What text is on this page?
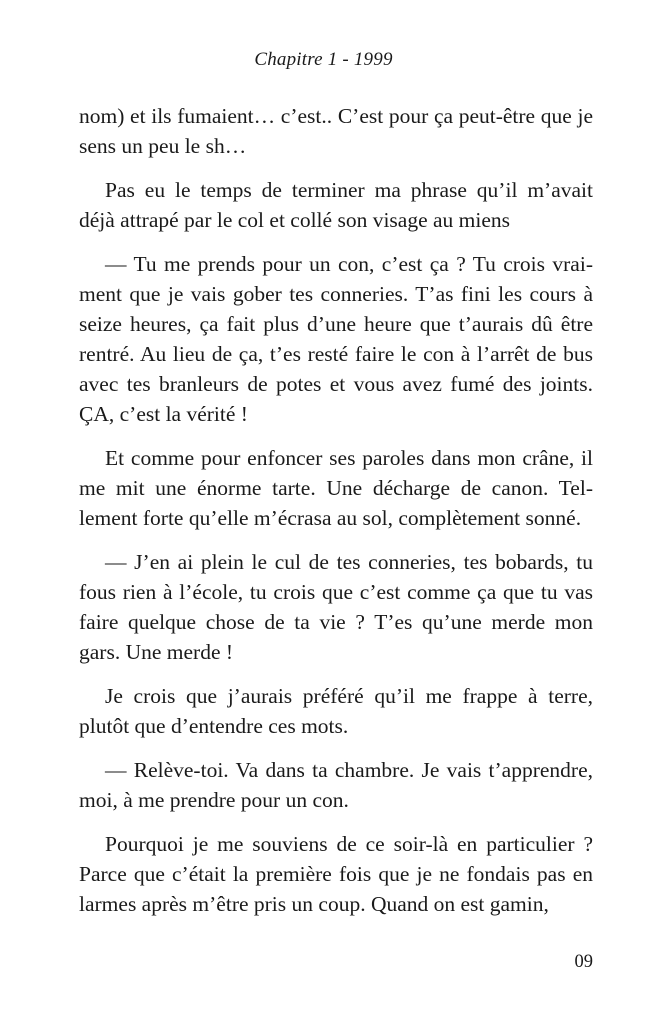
Chapitre 1 - 1999

nom) et ils fumaient… c’est.. C’est pour ça peut-être que je sens un peu le sh…

Pas eu le temps de terminer ma phrase qu’il m’avait déjà attrapé par le col et collé son visage au miens

— Tu me prends pour un con, c’est ça ? Tu crois vraiment que je vais gober tes conneries. T’as fini les cours à seize heures, ça fait plus d’une heure que t’aurais dû être rentré. Au lieu de ça, t’es resté faire le con à l’arrêt de bus avec tes branleurs de potes et vous avez fumé des joints. ÇA, c’est la vérité !

Et comme pour enfoncer ses paroles dans mon crâne, il me mit une énorme tarte. Une décharge de canon. Tellement forte qu’elle m’écrasa au sol, complètement sonné.

— J’en ai plein le cul de tes conneries, tes bobards, tu fous rien à l’école, tu crois que c’est comme ça que tu vas faire quelque chose de ta vie ? T’es qu’une merde mon gars. Une merde !

Je crois que j’aurais préféré qu’il me frappe à terre, plutôt que d’entendre ces mots.

— Relève-toi. Va dans ta chambre. Je vais t’apprendre, moi, à me prendre pour un con.

Pourquoi je me souviens de ce soir-là en particulier ? Parce que c’était la première fois que je ne fondais pas en larmes après m’être pris un coup. Quand on est gamin,

09
